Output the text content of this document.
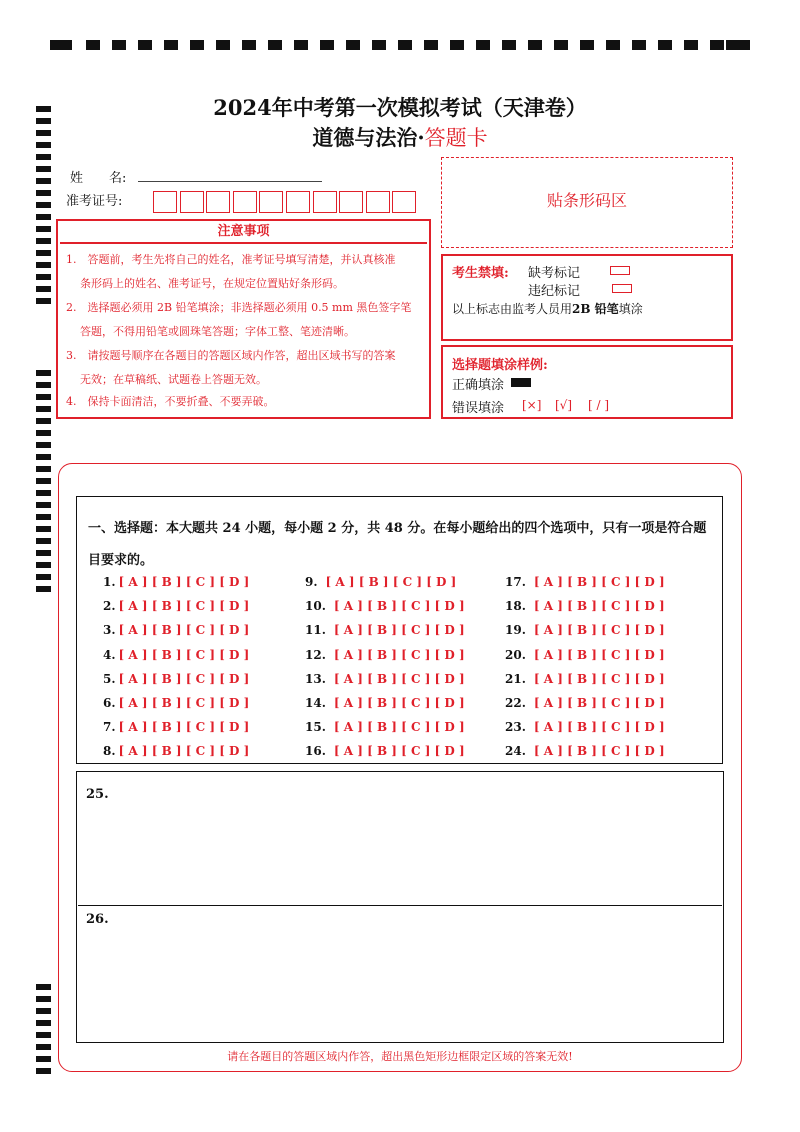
2024年中考第一次模拟考试（天津卷）
道德与法治·答题卡
姓　　名:
准考证号:	贴条形码区
注意事项
1.　答题前，考生先将自己的姓名，准考证号填写清楚，并认真核准
条形码上的姓名、准考证号，在规定位置贴好条形码。
2.　选择题必须用 2B 铅笔填涂；非选择题必须用 0.5 mm 黑色签字笔
答题，不得用铅笔或圆珠笔答题；字体工整、笔迹清晰。
3.　请按题号顺序在各题目的答题区域内作答，超出区域书写的答案
无效；在草稿纸、试题卷上答题无效。
4.　保持卡面清洁，不要折叠、不要弄破。
考生禁填: 缺考标记
违纪标记
以上标志由监考人员用2B 铅笔填涂
选择题填涂样例:
正确填涂
错误填涂 [×] [√] [ / ]
一、选择题：本大题共 24 小题，每小题 2 分，共 48 分。在每小题给出的四个选项中，只有一项是符合题目要求的。
1. [ A ] [ B ] [ C ] [ D ]
2. [ A ] [ B ] [ C ] [ D ]
3. [ A ] [ B ] [ C ] [ D ]
4. [ A ] [ B ] [ C ] [ D ]
5. [ A ] [ B ] [ C ] [ D ]
6. [ A ] [ B ] [ C ] [ D ]
7. [ A ] [ B ] [ C ] [ D ]
8. [ A ] [ B ] [ C ] [ D ]
9. [ A ] [ B ] [ C ] [ D ]
10. [ A ] [ B ] [ C ] [ D ]
11. [ A ] [ B ] [ C ] [ D ]
12. [ A ] [ B ] [ C ] [ D ]
13. [ A ] [ B ] [ C ] [ D ]
14. [ A ] [ B ] [ C ] [ D ]
15. [ A ] [ B ] [ C ] [ D ]
16. [ A ] [ B ] [ C ] [ D ]
17. [ A ] [ B ] [ C ] [ D ]
18. [ A ] [ B ] [ C ] [ D ]
19. [ A ] [ B ] [ C ] [ D ]
20. [ A ] [ B ] [ C ] [ D ]
21. [ A ] [ B ] [ C ] [ D ]
22. [ A ] [ B ] [ C ] [ D ]
23. [ A ] [ B ] [ C ] [ D ]
24. [ A ] [ B ] [ C ] [ D ]
25.
26.
请在各题目的答题区域内作答，超出黑色矩形边框限定区域的答案无效!
